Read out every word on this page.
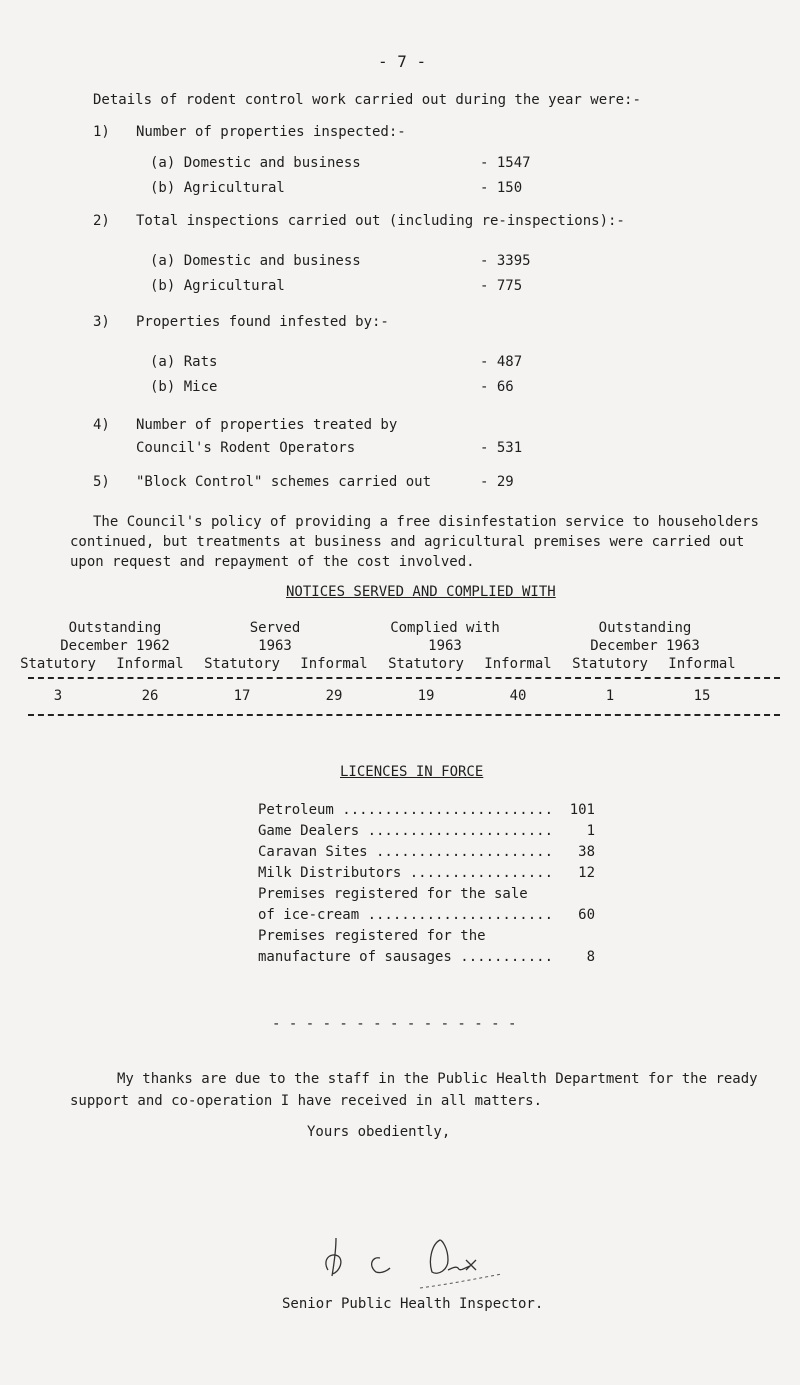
- 7 -
Details of rodent control work carried out during the year were:-
1) Number of properties inspected:-
(a) Domestic and business	- 1547
(b) Agricultural	- 150
2) Total inspections carried out (including re-inspections):-
(a) Domestic and business	- 3395
(b) Agricultural	- 775
3) Properties found infested by:-
(a) Rats	- 487
(b) Mice	- 66
4) Number of properties treated by
Council's Rodent Operators	- 531
5) "Block Control" schemes carried out	- 29
The Council's policy of providing a free disinfestation service to householders continued, but treatments at business and agricultural premises were carried out upon request and repayment of the cost involved.
NOTICES SERVED AND COMPLIED WITH
Outstanding
December 1962
Served
1963
Complied with
1963
Outstanding
December 1963
Statutory	Informal	Statutory	Informal	Statutory	Informal	Statutory	Informal
3	26	17	29	19	40	1	15
LICENCES IN FORCE
Petroleum .........................	101
Game Dealers ......................	1
Caravan Sites .....................	38
Milk Distributors .................	12
Premises registered for the sale
of ice-cream ......................	60
Premises registered for the
manufacture of sausages ...........	8
- - - - - - - - - - - - - - -
My thanks are due to the staff in the Public Health Department for the ready support and co-operation I have received in all matters.
Yours obediently,
Senior Public Health Inspector.
